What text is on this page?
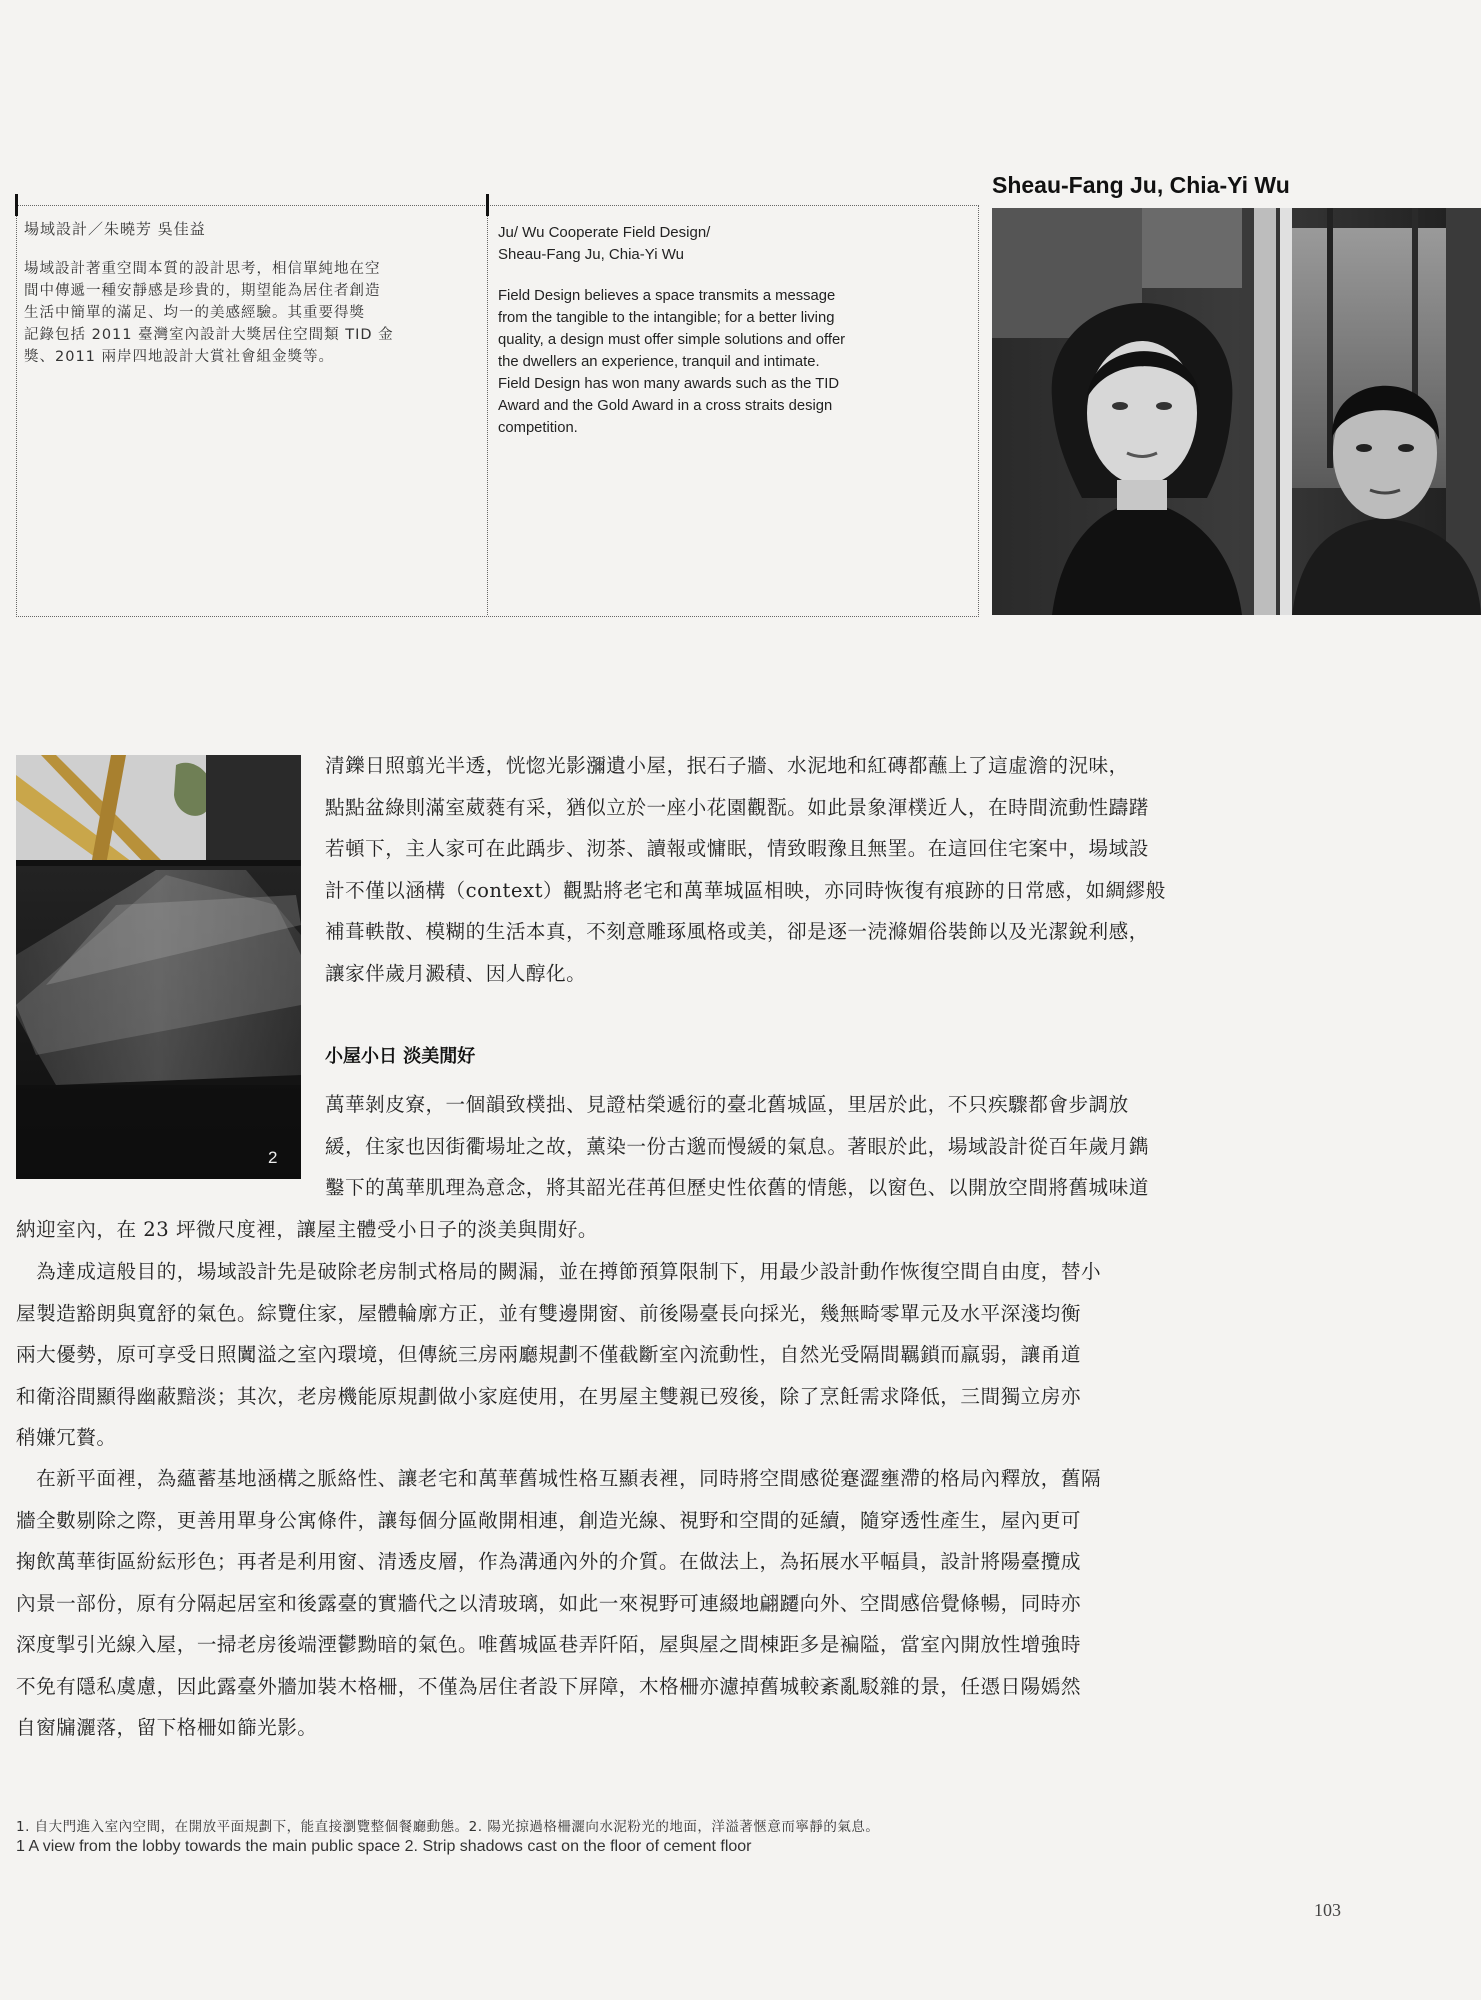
場域設計／朱曉芳 吳佳益
場域設計著重空間本質的設計思考，相信單純地在空
間中傳遞一種安靜感是珍貴的，期望能為居住者創造
生活中簡單的滿足、均一的美感經驗。其重要得獎
記錄包括 2011 臺灣室內設計大獎居住空間類 TID 金
獎、2011 兩岸四地設計大賞社會組金獎等。
Ju/ Wu Cooperate Field Design/
Sheau-Fang Ju, Chia-Yi Wu
Field Design believes a space transmits a message
from the tangible to the intangible; for a better living
quality, a design must offer simple solutions and offer
the dwellers an experience, tranquil and intimate.
Field Design has won many awards such as the TID
Award and the Gold Award in a cross straits design
competition.
Sheau-Fang Ju, Chia-Yi Wu
2
清鑠日照翦光半透，恍惚光影瀰遺小屋，抿石子牆、水泥地和紅磚都蘸上了這虛澹的況味，
點點盆綠則滿室葳蕤有采，猶似立於一座小花園觀翫。如此景象渾樸近人，在時間流動性躊躇
若頓下，主人家可在此踽步、沏茶、讀報或慵眠，情致暇豫且無罣。在這回住宅案中，場域設
計不僅以涵構（context）觀點將老宅和萬華城區相映，亦同時恢復有痕跡的日常感，如綢繆般
補葺軼散、模糊的生活本真，不刻意雕琢風格或美，卻是逐一涜滌媚俗裝飾以及光潔銳利感，
讓家伴歲月澱積、因人醇化。
小屋小日 淡美閒好
萬華剝皮寮，一個韻致樸拙、見證枯榮遞衍的臺北舊城區，里居於此，不只疾驟都會步調放
緩，住家也因街衢場址之故，薰染一份古邈而慢緩的氣息。著眼於此，場域設計從百年歲月鐫
鑿下的萬華肌理為意念，將其韶光荏苒但歷史性依舊的情態，以窗色、以開放空間將舊城味道
納迎室內，在 23 坪微尺度裡，讓屋主體受小日子的淡美與閒好。
　為達成這般目的，場域設計先是破除老房制式格局的闕漏，並在撙節預算限制下，用最少設計動作恢復空間自由度，替小
屋製造豁朗與寬舒的氣色。綜覽住家，屋體輪廓方正，並有雙邊開窗、前後陽臺長向採光，幾無畸零單元及水平深淺均衡
兩大優勢，原可享受日照闐溢之室內環境，但傳統三房兩廳規劃不僅截斷室內流動性，自然光受隔間羈鎖而羸弱，讓甬道
和衛浴間顯得幽蔽黯淡；其次，老房機能原規劃做小家庭使用，在男屋主雙親已歿後，除了烹飪需求降低，三間獨立房亦
稍嫌冗贅。
　在新平面裡，為蘊蓄基地涵構之脈絡性、讓老宅和萬華舊城性格互顯表裡，同時將空間感從蹇澀壅滯的格局內釋放，舊隔
牆全數剔除之際，更善用單身公寓條件，讓每個分區敞開相連，創造光線、視野和空間的延續，隨穿透性產生，屋內更可
掬飲萬華街區紛紜形色；再者是利用窗、清透皮層，作為溝通內外的介質。在做法上，為拓展水平幅員，設計將陽臺攬成
內景一部份，原有分隔起居室和後露臺的實牆代之以清玻璃，如此一來視野可連綴地翩躚向外、空間感倍覺條暢，同時亦
深度掣引光線入屋，一掃老房後端湮鬱黝暗的氣色。唯舊城區巷弄阡陌，屋與屋之間棟距多是褊隘，當室內開放性增強時
不免有隱私虞慮，因此露臺外牆加裝木格柵，不僅為居住者設下屏障，木格柵亦濾掉舊城較紊亂駁雜的景，任憑日陽嫣然
自窗牖灑落，留下格柵如篩光影。
1. 自大門進入室內空間，在開放平面規劃下，能直接瀏覽整個餐廳動態。2. 陽光掠過格柵灑向水泥粉光的地面，洋溢著愜意而寧靜的氣息。
1 A view from the lobby towards the main public space 2. Strip shadows cast on the floor of cement floor
103
